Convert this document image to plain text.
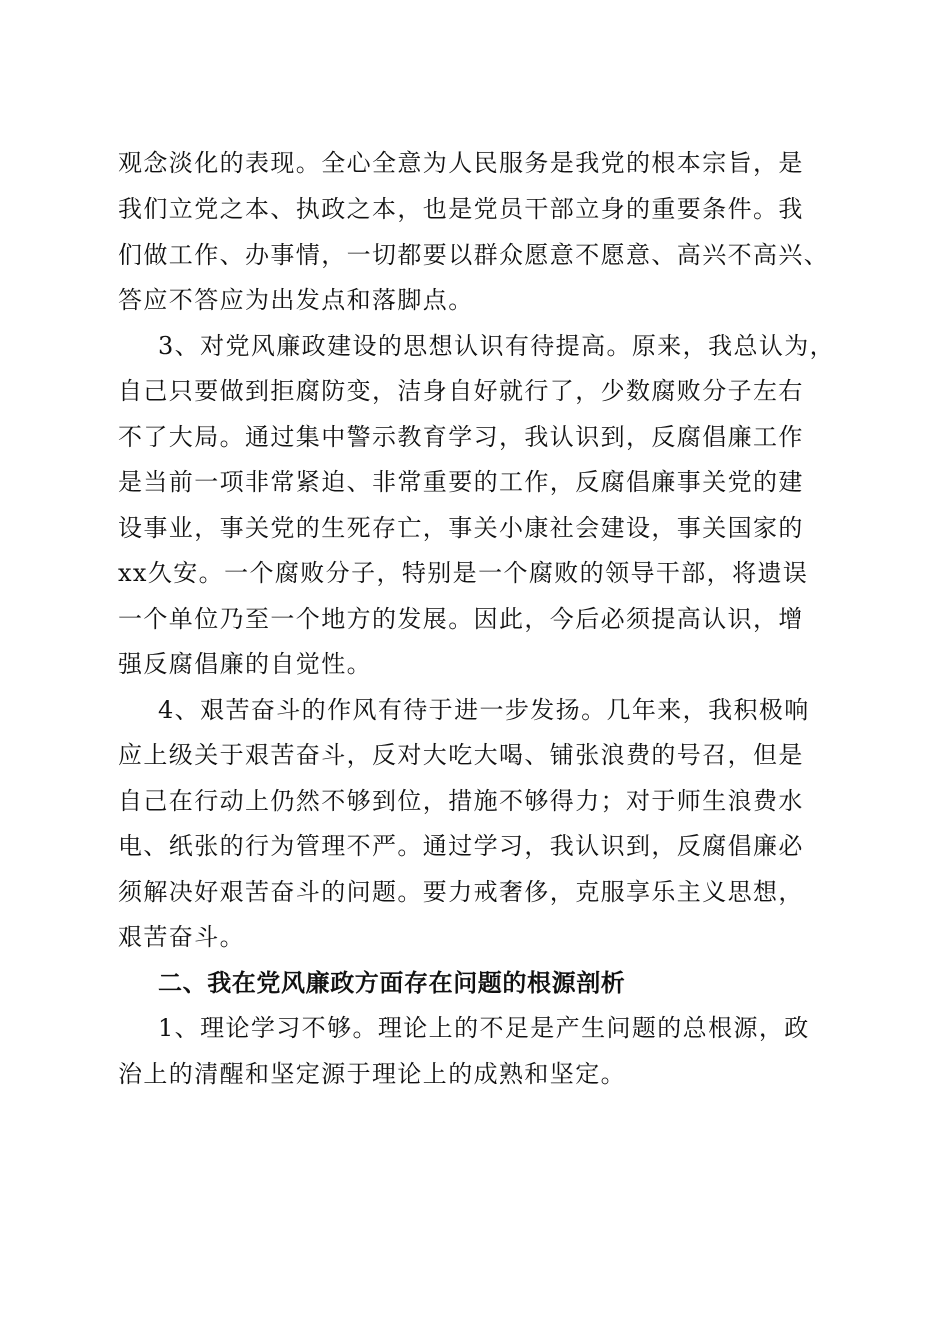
观念淡化的表现。全心全意为人民服务是我党的根本宗旨，是
我们立党之本、执政之本，也是党员干部立身的重要条件。我
们做工作、办事情，一切都要以群众愿意不愿意、高兴不高兴、
答应不答应为出发点和落脚点。
3、对党风廉政建设的思想认识有待提高。原来，我总认为，
自己只要做到拒腐防变，洁身自好就行了，少数腐败分子左右
不了大局。通过集中警示教育学习，我认识到，反腐倡廉工作
是当前一项非常紧迫、非常重要的工作，反腐倡廉事关党的建
设事业，事关党的生死存亡，事关小康社会建设，事关国家的
xx久安。一个腐败分子，特别是一个腐败的领导干部，将遗误
一个单位乃至一个地方的发展。因此，今后必须提高认识，增
强反腐倡廉的自觉性。
4、艰苦奋斗的作风有待于进一步发扬。几年来，我积极响
应上级关于艰苦奋斗，反对大吃大喝、铺张浪费的号召，但是
自己在行动上仍然不够到位，措施不够得力；对于师生浪费水
电、纸张的行为管理不严。通过学习，我认识到，反腐倡廉必
须解决好艰苦奋斗的问题。要力戒奢侈，克服享乐主义思想，
艰苦奋斗。
二、我在党风廉政方面存在问题的根源剖析
1、理论学习不够。理论上的不足是产生问题的总根源，政
治上的清醒和坚定源于理论上的成熟和坚定。
